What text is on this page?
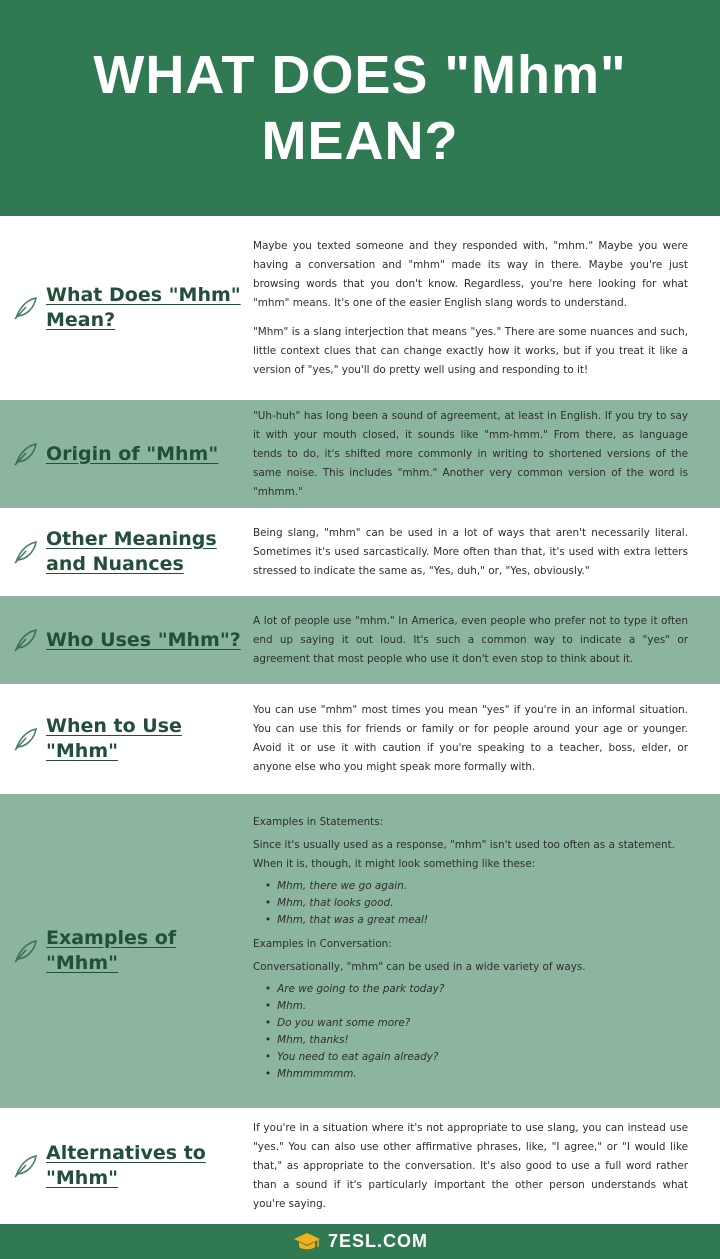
WHAT DOES "Mhm" MEAN?
What Does "Mhm" Mean?

Maybe you texted someone and they responded with, "mhm." Maybe you were having a conversation and "mhm" made its way in there. Maybe you're just browsing words that you don't know. Regardless, you're here looking for what "mhm" means. It's one of the easier English slang words to understand.

"Mhm" is a slang interjection that means "yes." There are some nuances and such, little context clues that can change exactly how it works, but if you treat it like a version of "yes," you'll do pretty well using and responding to it!

Origin of "Mhm"

"Uh-huh" has long been a sound of agreement, at least in English. If you try to say it with your mouth closed, it sounds like "mm-hmm." From there, as language tends to do, it's shifted more commonly in writing to shortened versions of the same noise. This includes "mhm." Another very common version of the word is "mhmm."

Other Meanings and Nuances

Being slang, "mhm" can be used in a lot of ways that aren't necessarily literal. Sometimes it's used sarcastically. More often than that, it's used with extra letters stressed to indicate the same as, "Yes, duh," or, "Yes, obviously."

Who Uses "Mhm"?

A lot of people use "mhm." In America, even people who prefer not to type it often end up saying it out loud. It's such a common way to indicate a "yes" or agreement that most people who use it don't even stop to think about it.

When to Use "Mhm"

You can use "mhm" most times you mean "yes" if you're in an informal situation. You can use this for friends or family or for people around your age or younger. Avoid it or use it with caution if you're speaking to a teacher, boss, elder, or anyone else who you might speak more formally with.

Examples of "Mhm"

Examples in Statements:

Since it's usually used as a response, "mhm" isn't used too often as a statement. When it is, though, it might look something like these:

• Mhm, there we go again.
• Mhm, that looks good.
• Mhm, that was a great meal!

Examples in Conversation:

Conversationally, "mhm" can be used in a wide variety of ways.

• Are we going to the park today?
• Mhm.
• Do you want some more?
• Mhm, thanks!
• You need to eat again already?
• Mhmmmmmm.
Alternatives to "Mhm"

If you're in a situation where it's not appropriate to use slang, you can instead use "yes." You can also use other affirmative phrases, like, "I agree," or "I would like that," as appropriate to the conversation. It's also good to use a full word rather than a sound if it's particularly important the other person understands what you're saying.

7ESL.COM
